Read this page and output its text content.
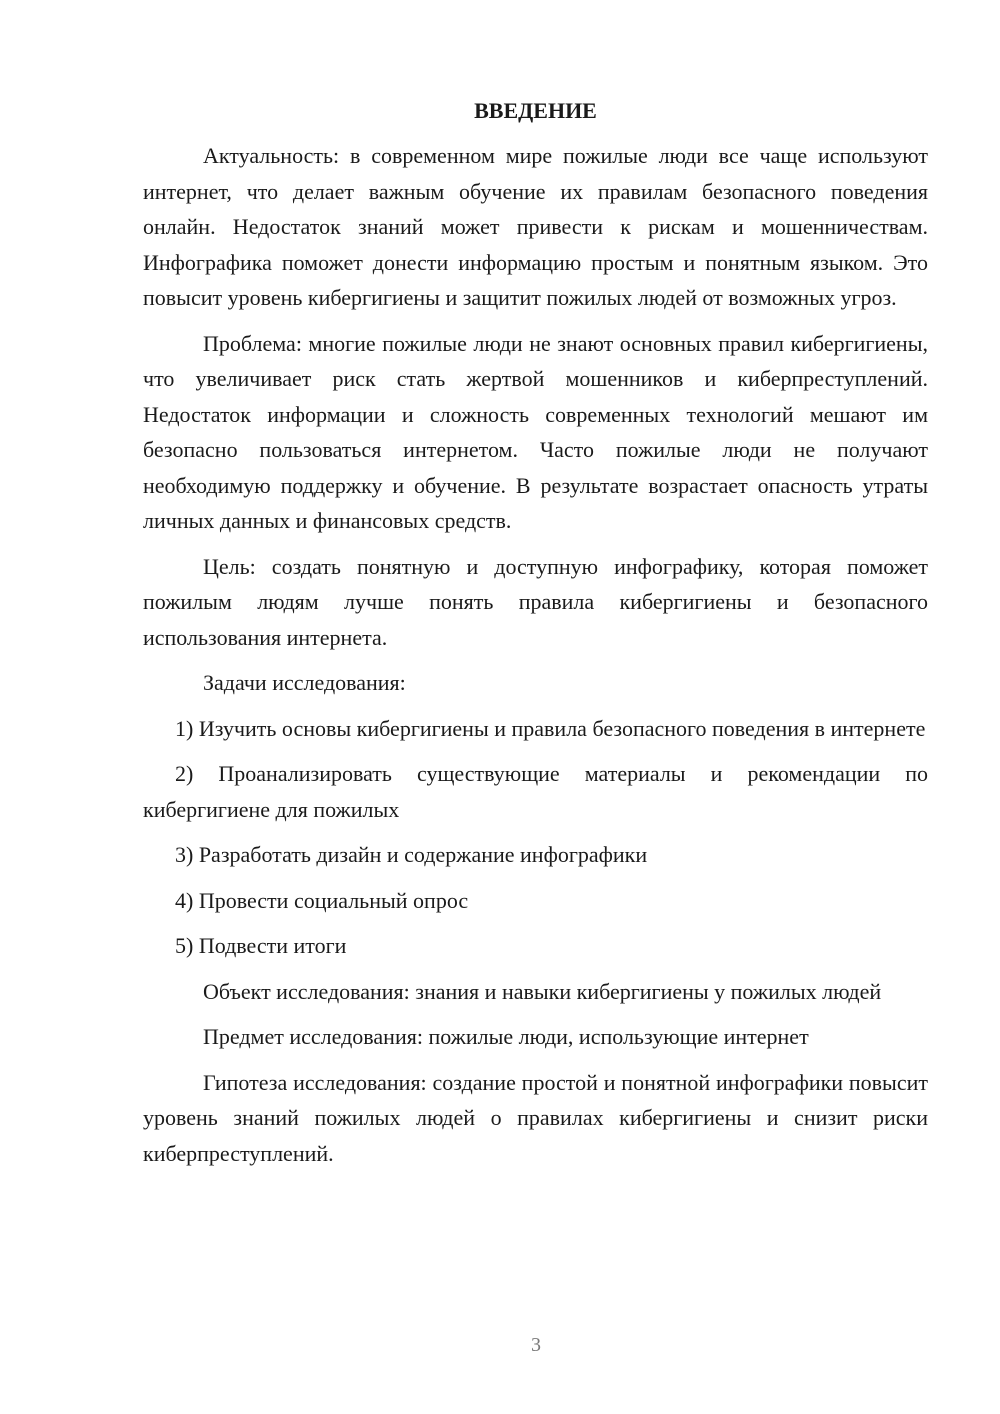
ВВЕДЕНИЕ

Актуальность: в современном мире пожилые люди все чаще используют интернет, что делает важным обучение их правилам безопасного поведения онлайн. Недостаток знаний может привести к рискам и мошенничествам. Инфографика поможет донести информацию простым и понятным языком. Это повысит уровень кибергигиены и защитит пожилых людей от возможных угроз.

Проблема: многие пожилые люди не знают основных правил кибергигиены, что увеличивает риск стать жертвой мошенников и киберпреступлений. Недостаток информации и сложность современных технологий мешают им безопасно пользоваться интернетом. Часто пожилые люди не получают необходимую поддержку и обучение. В результате возрастает опасность утраты личных данных и финансовых средств.

Цель: создать понятную и доступную инфографику, которая поможет пожилым людям лучше понять правила кибергигиены и безопасного использования интернета.

Задачи исследования:

1) Изучить основы кибергигиены и правила безопасного поведения в интернете

2) Проанализировать существующие материалы и рекомендации по кибергигиене для пожилых

3) Разработать дизайн и содержание инфографики

4) Провести социальный опрос

5) Подвести итоги

Объект исследования: знания и навыки кибергигиены у пожилых людей

Предмет исследования: пожилые люди, использующие интернет

Гипотеза исследования: создание простой и понятной инфографики повысит уровень знаний пожилых людей о правилах кибергигиены и снизит риски киберпреступлений.

3
